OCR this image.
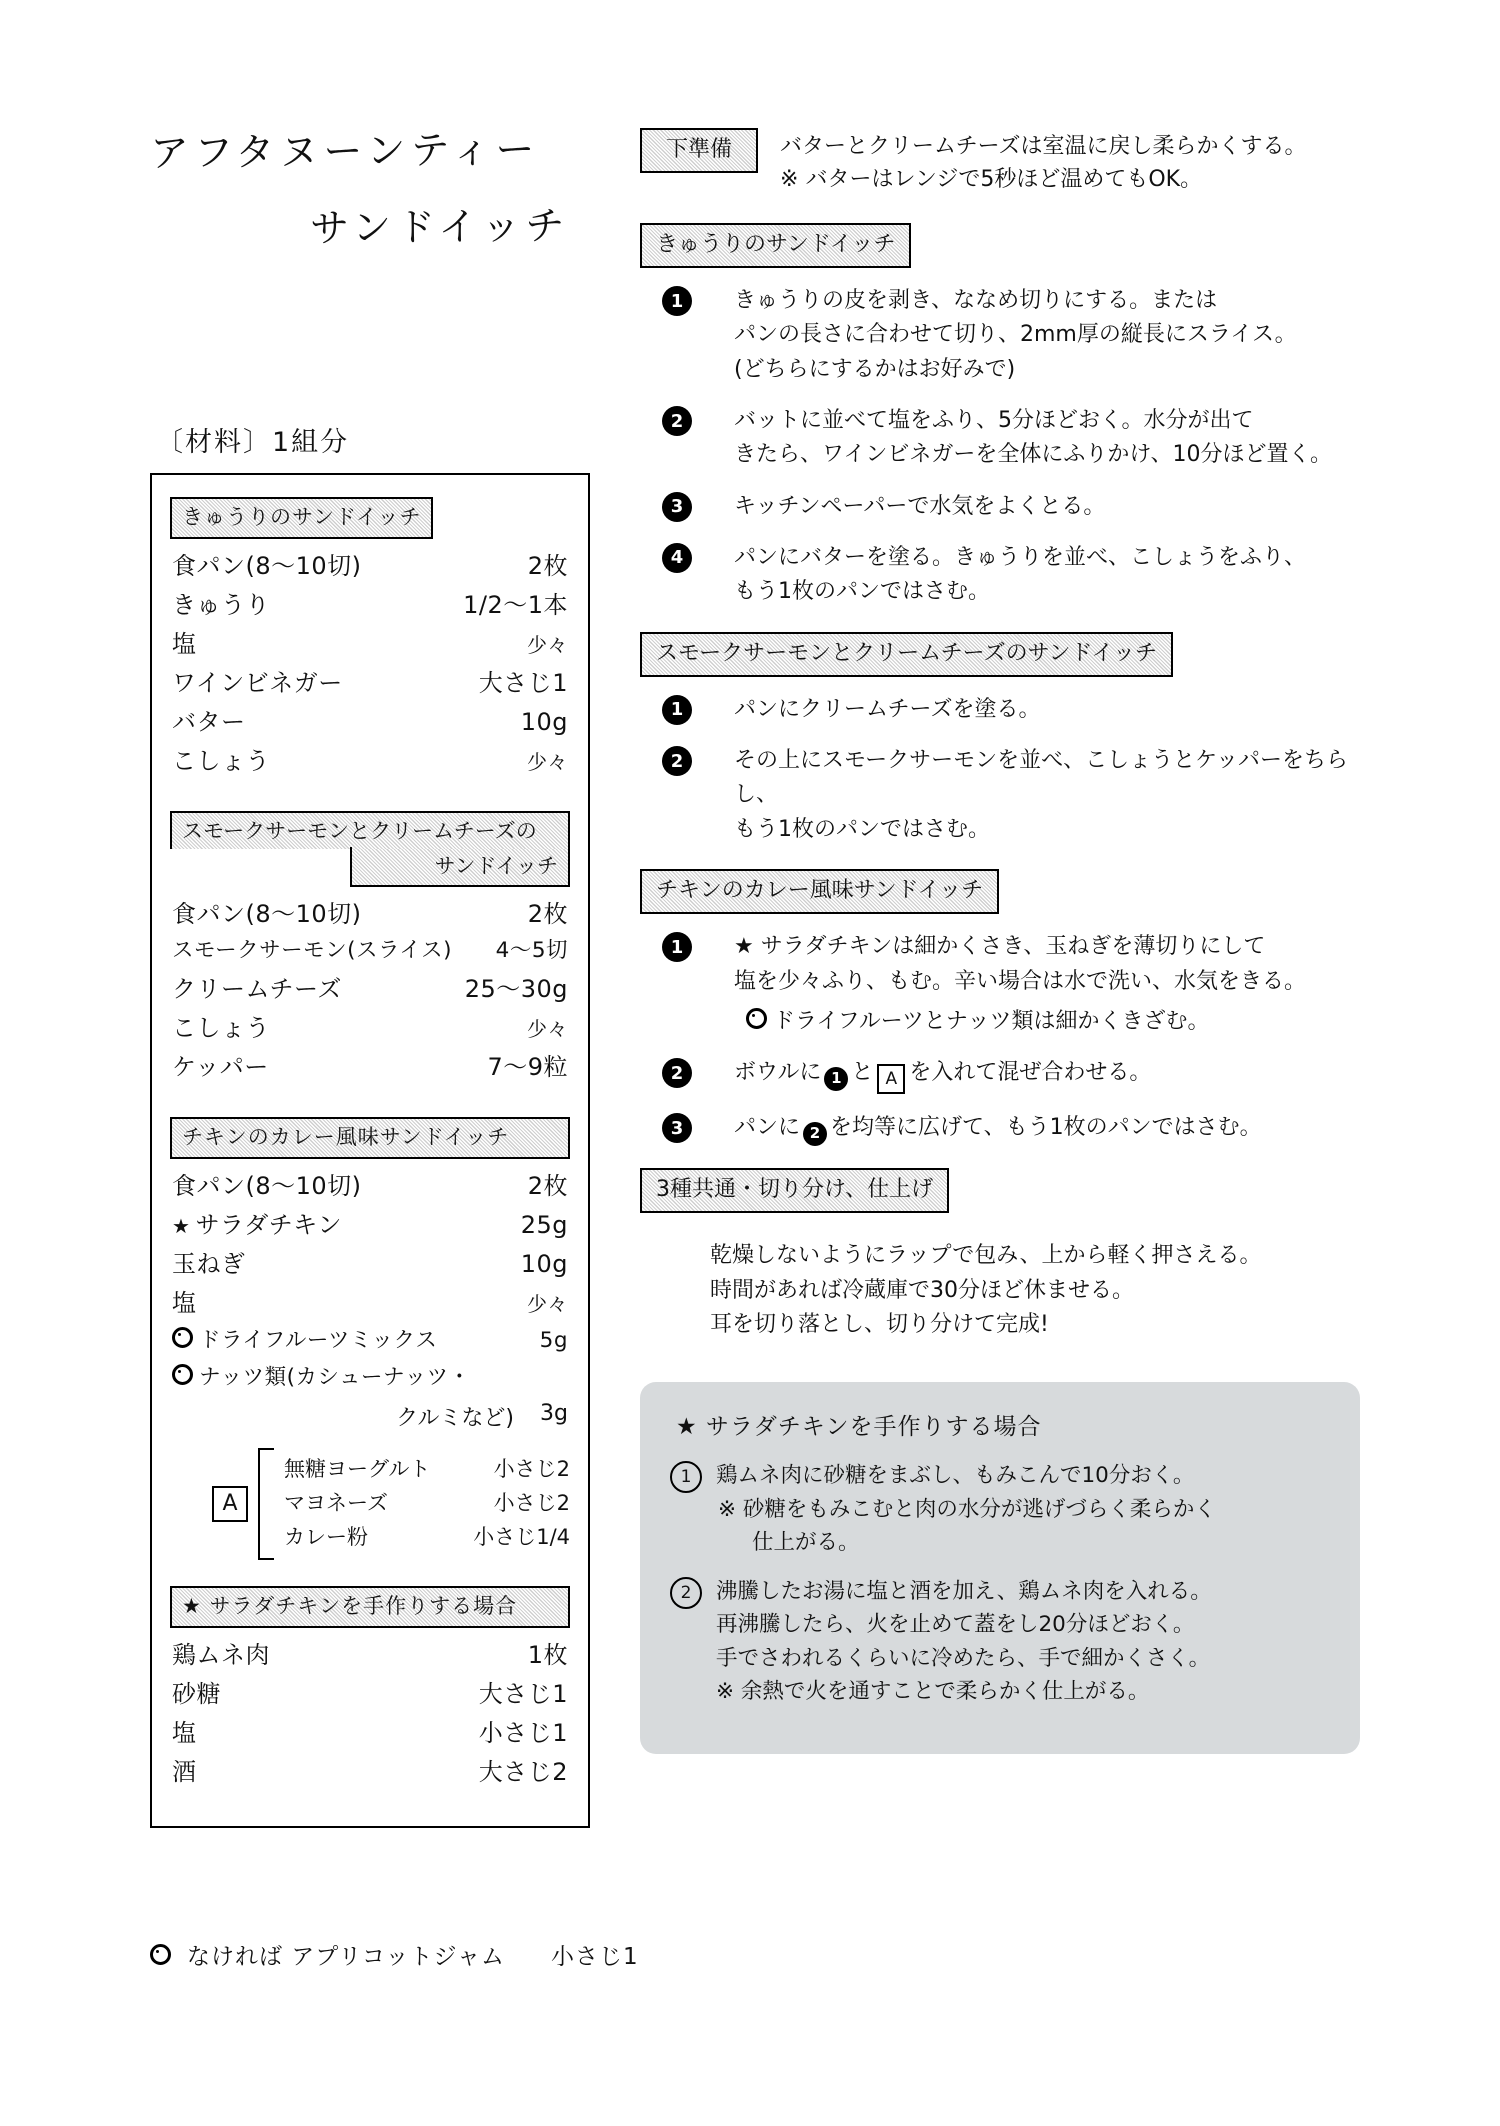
アフタヌーンティー
サンドイッチ
〔材料〕1組分
きゅうりのサンドイッチ
食パン(8〜10切)	2枚
きゅうり	1/2〜1本
塩	少々
ワインビネガー	大さじ1
バター	10g
こしょう	少々
スモークサーモンとクリームチーズの
サンドイッチ
食パン(8〜10切)	2枚
スモークサーモン(スライス) 4〜5切
クリームチーズ	25〜30g
こしょう	少々
ケッパー	7〜9粒
チキンのカレー風味サンドイッチ
食パン(8〜10切)	2枚
★ サラダチキン	25g
玉ねぎ	10g
塩	少々
ドライフルーツミックス	5g
ナッツ類(カシューナッツ・
クルミなど) 3g
A
無糖ヨーグルト	小さじ2
マヨネーズ	小さじ2
カレー粉	小さじ1/4
★ サラダチキンを手作りする場合
鶏ムネ肉	1枚
砂糖	大さじ1
塩	小さじ1
酒	大さじ2
なければ アプリコットジャム 小さじ1
下準備	バターとクリームチーズは室温に戻し柔らかくする。
※ バターはレンジで5秒ほど温めてもOK。
きゅうりのサンドイッチ
1	きゅうりの皮を剥き、ななめ切りにする。または
パンの長さに合わせて切り、2mm厚の縦長にスライス。
(どちらにするかはお好みで)
2	バットに並べて塩をふり、5分ほどおく。水分が出て
きたら、ワインビネガーを全体にふりかけ、10分ほど置く。
3	キッチンペーパーで水気をよくとる。
4	パンにバターを塗る。きゅうりを並べ、こしょうをふり、
もう1枚のパンではさむ。
スモークサーモンとクリームチーズのサンドイッチ
1	パンにクリームチーズを塗る。
2	その上にスモークサーモンを並べ、こしょうとケッパーをちらし、
もう1枚のパンではさむ。
チキンのカレー風味サンドイッチ
1	★ サラダチキンは細かくさき、玉ねぎを薄切りにして
塩を少々ふり、もむ。辛い場合は水で洗い、水気をきる。
ドライフルーツとナッツ類は細かくきざむ。
2	ボウルに 1 と A を入れて混ぜ合わせる。
3	パンに 2 を均等に広げて、もう1枚のパンではさむ。
3種共通・切り分け、仕上げ
乾燥しないようにラップで包み、上から軽く押さえる。
時間があれば冷蔵庫で30分ほど休ませる。
耳を切り落とし、切り分けて完成!
★ サラダチキンを手作りする場合
1	鶏ムネ肉に砂糖をまぶし、もみこんで10分おく。
※ 砂糖をもみこむと肉の水分が逃げづらく柔らかく
仕上がる。
2	沸騰したお湯に塩と酒を加え、鶏ムネ肉を入れる。
再沸騰したら、火を止めて蓋をし20分ほどおく。
手でさわれるくらいに冷めたら、手で細かくさく。
※ 余熱で火を通すことで柔らかく仕上がる。
